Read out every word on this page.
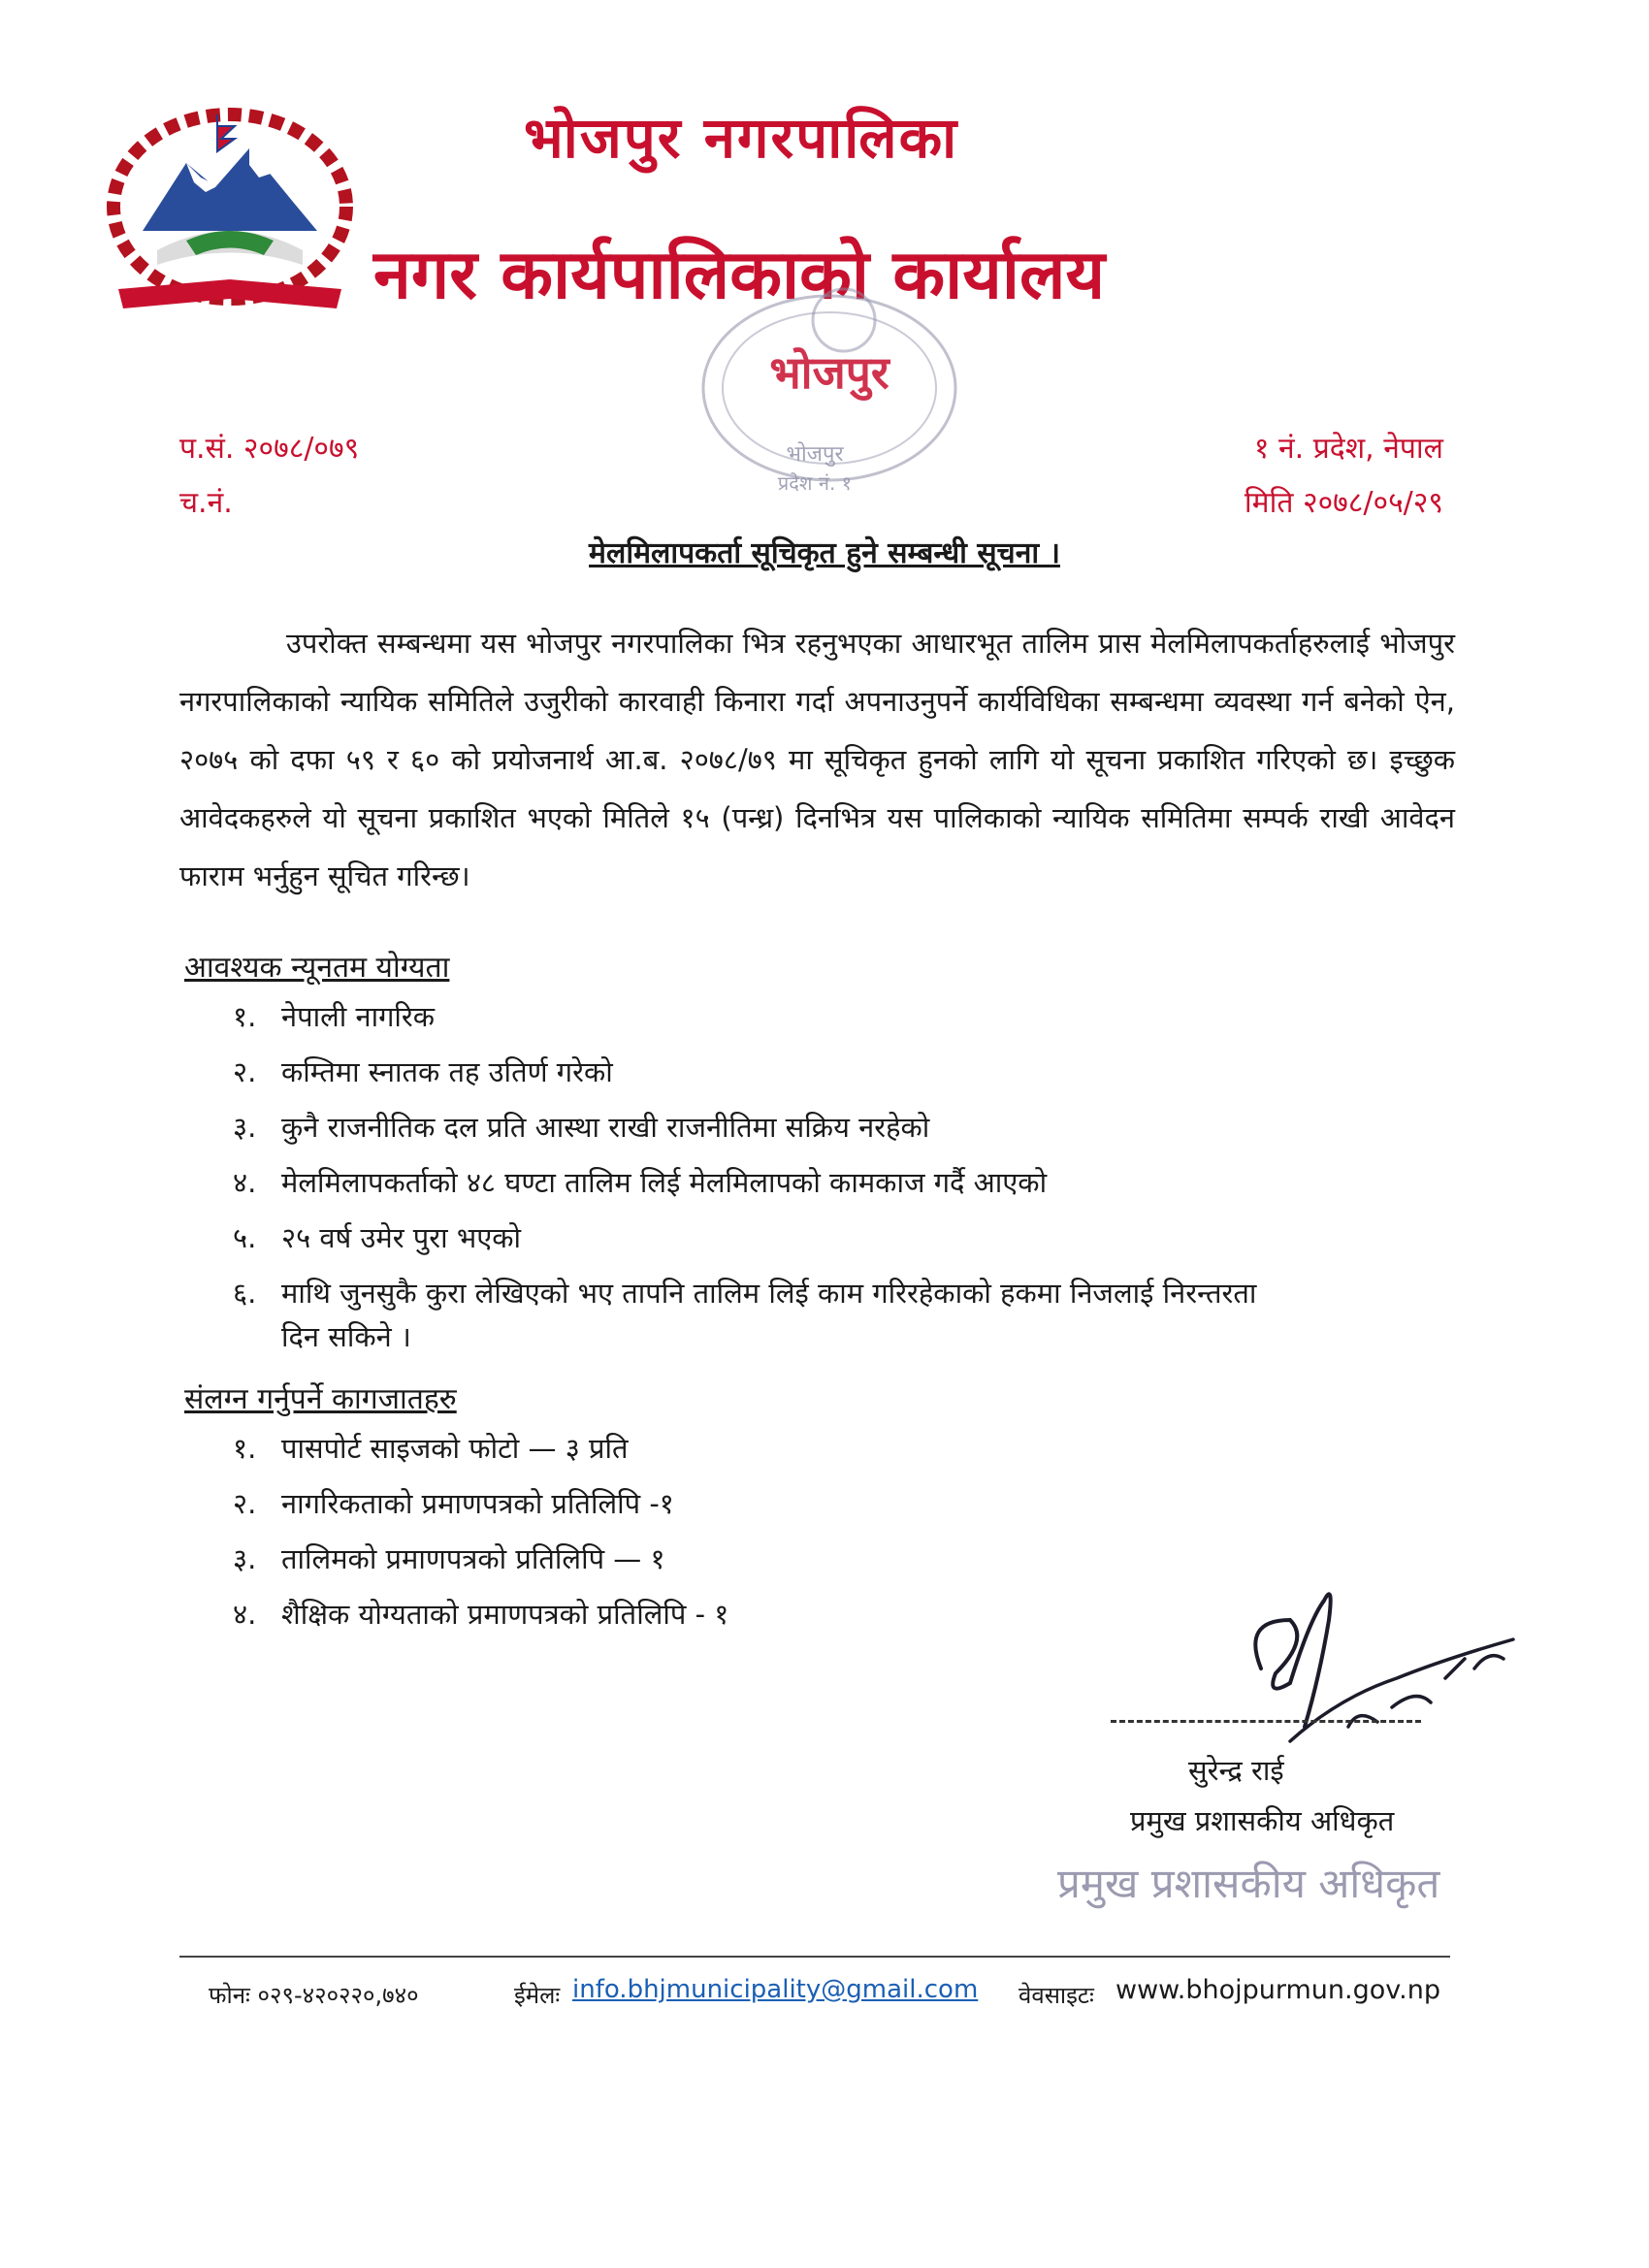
भोजपुर नगरपालिका
नगर कार्यपालिकाको कार्यालय
भोजपुर
भोजपुर
प्रदेश नं. १
प.सं. २०७८/०७९
च.नं.
१ नं. प्रदेश, नेपाल
मिति २०७८/०५/२९
मेलमिलापकर्ता सूचिकृत हुने सम्बन्धी सूचना ।
उपरोक्त सम्बन्धमा यस भोजपुर नगरपालिका भित्र रहनुभएका आधारभूत तालिम प्रास मेलमिलापकर्ताहरुलाई भोजपुर नगरपालिकाको न्यायिक समितिले उजुरीको कारवाही किनारा गर्दा अपनाउनुपर्ने कार्यविधिका सम्बन्धमा व्यवस्था गर्न बनेको ऐन, २०७५ को दफा ५९ र ६० को प्रयोजनार्थ आ.ब. २०७८/७९ मा सूचिकृत हुनको लागि यो सूचना प्रकाशित गरिएको छ। इच्छुक आवेदकहरुले यो सूचना प्रकाशित भएको मितिले १५ (पन्ध्र) दिनभित्र यस पालिकाको न्यायिक समितिमा सम्पर्क राखी आवेदन फाराम भर्नुहुन सूचित गरिन्छ।
आवश्यक न्यूनतम योग्यता
१. नेपाली नागरिक
२. कम्तिमा स्नातक तह उतिर्ण गरेको
३. कुनै राजनीतिक दल प्रति आस्था राखी राजनीतिमा सक्रिय नरहेको
४. मेलमिलापकर्ताको ४८ घण्टा तालिम लिई मेलमिलापको कामकाज गर्दै आएको
५. २५ वर्ष उमेर पुरा भएको
६. माथि जुनसुकै कुरा लेखिएको भए तापनि तालिम लिई काम गरिरहेकाको हकमा निजलाई निरन्तरता
दिन सकिने ।
संलग्न गर्नुपर्ने कागजातहरु
१. पासपोर्ट साइजको फोटो — ३ प्रति
२. नागरिकताको प्रमाणपत्रको प्रतिलिपि -१
३. तालिमको प्रमाणपत्रको प्रतिलिपि — १
४. शैक्षिक योग्यताको प्रमाणपत्रको प्रतिलिपि - १
सुरेन्द्र राई
प्रमुख प्रशासकीय अधिकृत
प्रमुख प्रशासकीय अधिकृत
फोनः ०२९-४२०२२०,७४०	ईमेलः info.bhjmunicipality@gmail.com वेवसाइटः www.bhojpurmun.gov.np
